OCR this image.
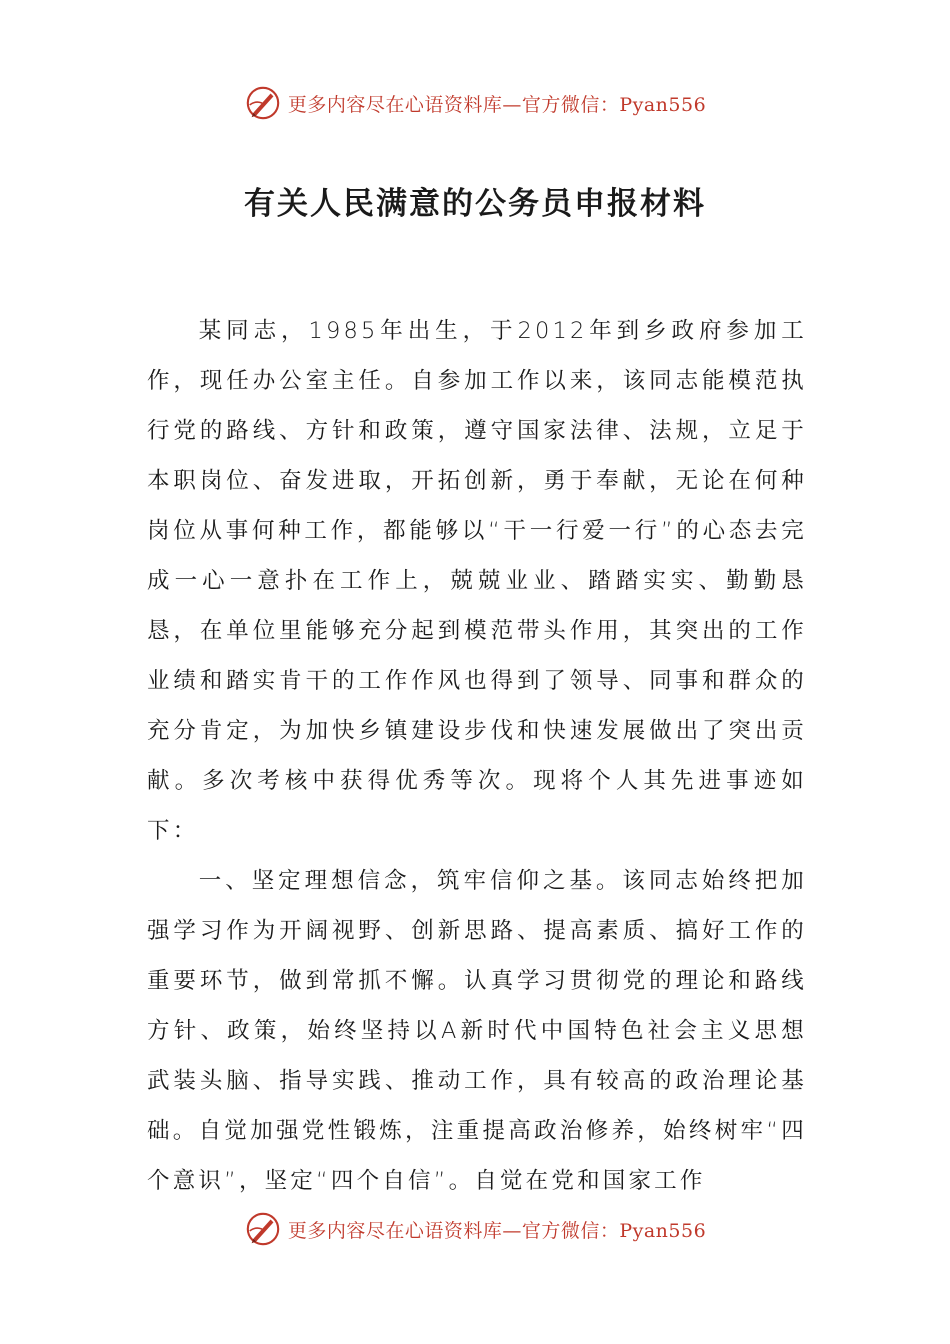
更多内容尽在心语资料库—官方微信：Pyan556
有关人民满意的公务员申报材料

某同志，1985年出生，于2012年到乡政府参加工作，现任办公室主任。自参加工作以来，该同志能模范执行党的路线、方针和政策，遵守国家法律、法规，立足于本职岗位、奋发进取，开拓创新，勇于奉献，无论在何种岗位从事何种工作，都能够以“干一行爱一行”的心态去完成一心一意扑在工作上，兢兢业业、踏踏实实、勤勤恳恳，在单位里能够充分起到模范带头作用，其突出的工作业绩和踏实肯干的工作作风也得到了领导、同事和群众的充分肯定，为加快乡镇建设步伐和快速发展做出了突出贡献。多次考核中获得优秀等次。现将个人其先进事迹如下：

一、坚定理想信念，筑牢信仰之基。该同志始终把加强学习作为开阔视野、创新思路、提高素质、搞好工作的重要环节，做到常抓不懈。认真学习贯彻党的理论和路线方针、政策，始终坚持以A新时代中国特色社会主义思想武装头脑、指导实践、推动工作，具有较高的政治理论基础。自觉加强党性锻炼，注重提高政治修养，始终树牢“四个意识”，坚定“四个自信”。自觉在党和国家工作

更多内容尽在心语资料库—官方微信：Pyan556
